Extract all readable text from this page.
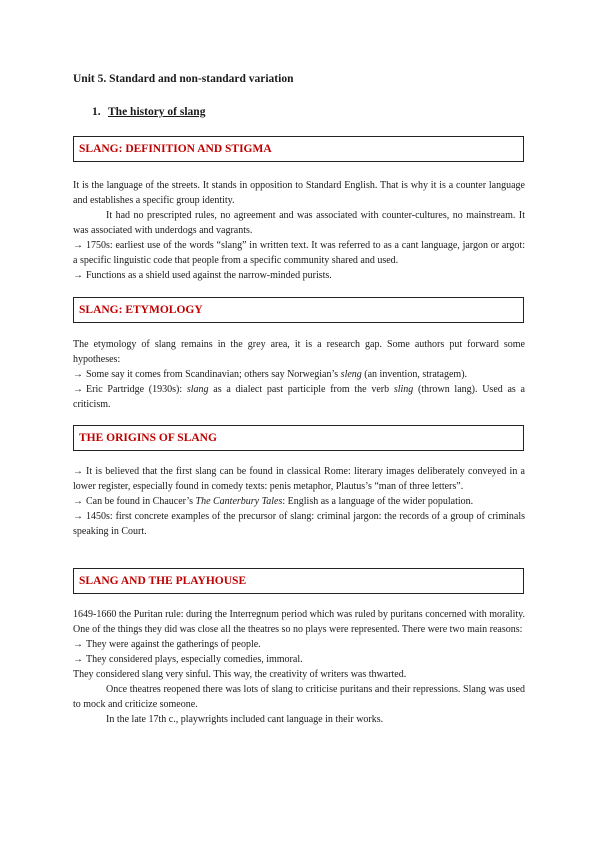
Unit 5. Standard and non-standard variation
1. The history of slang
SLANG: DEFINITION AND STIGMA

It is the language of the streets. It stands in opposition to Standard English. That is why it is a counter language and establishes a specific group identity.

It had no prescripted rules, no agreement and was associated with counter-cultures, no mainstream. It was associated with underdogs and vagrants.

→ 1750s: earliest use of the words “slang” in written text. It was referred to as a cant language, jargon or argot: a specific linguistic code that people from a specific community shared and used.

→ Functions as a shield used against the narrow-minded purists.

SLANG: ETYMOLOGY

The etymology of slang remains in the grey area, it is a research gap. Some authors put forward some hypotheses:

→ Some say it comes from Scandinavian; others say Norwegian’s sleng (an invention, stratagem).

→ Eric Partridge (1930s): slang as a dialect past participle from the verb sling (thrown lang). Used as a criticism.

THE ORIGINS OF SLANG

→ It is believed that the first slang can be found in classical Rome: literary images deliberately conveyed in a lower register, especially found in comedy texts: penis metaphor, Plautus’s “man of three letters”.

→ Can be found in Chaucer’s The Canterbury Tales: English as a language of the wider population.

→ 1450s: first concrete examples of the precursor of slang: criminal jargon: the records of a group of criminals speaking in Court.

SLANG AND THE PLAYHOUSE

1649-1660 the Puritan rule: during the Interregnum period which was ruled by puritans concerned with morality. One of the things they did was close all the theatres so no plays were represented. There were two main reasons:

→ They were against the gatherings of people.

→ They considered plays, especially comedies, immoral.

They considered slang very sinful. This way, the creativity of writers was thwarted.

Once theatres reopened there was lots of slang to criticise puritans and their repressions. Slang was used to mock and criticize someone.

In the late 17th c., playwrights included cant language in their works.
